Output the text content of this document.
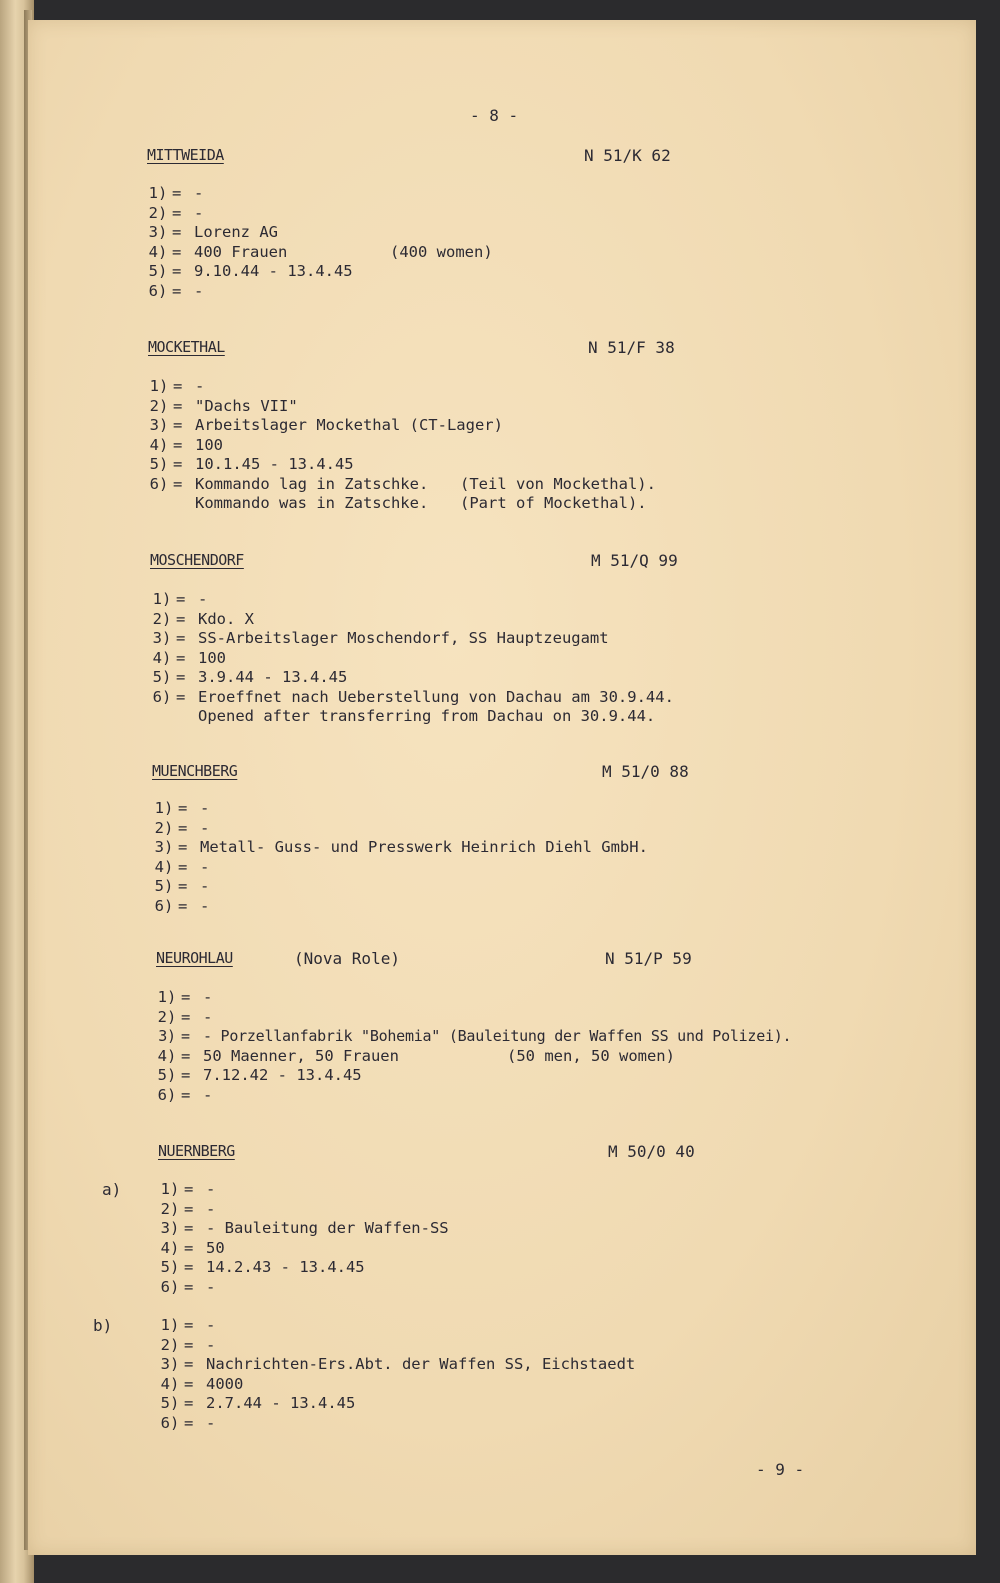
- 8 -
MITTWEIDA	N 51/K 62
1) = -
2) = -
3) = Lorenz AG
4) = 400 Frauen	(400 women)
5) = 9.10.44 - 13.4.45
6) = -
MOCKETHAL	N 51/F 38
1) = -
2) = "Dachs VII"
3) = Arbeitslager Mockethal (CT-Lager)
4) = 100
5) = 10.1.45 - 13.4.45
6) = Kommando lag in Zatschke. (Teil von Mockethal).
Kommando was in Zatschke. (Part of Mockethal).
MOSCHENDORF	M 51/Q 99
1) = -
2) = Kdo. X
3) = SS-Arbeitslager Moschendorf, SS Hauptzeugamt
4) = 100
5) = 3.9.44 - 13.4.45
6) = Eroeffnet nach Ueberstellung von Dachau am 30.9.44.
Opened after transferring from Dachau on 30.9.44.
MUENCHBERG	M 51/0 88
1) = -
2) = -
3) = Metall- Guss- und Presswerk Heinrich Diehl GmbH.
4) = -
5) = -
6) = -
NEUROHLAU	(Nova Role)	N 51/P 59
1) = -
2) = -
3) = - Porzellanfabrik "Bohemia" (Bauleitung der Waffen SS und Polizei).
4) = 50 Maenner, 50 Frauen	(50 men, 50 women)
5) = 7.12.42 - 13.4.45
6) = -
NUERNBERG	M 50/0 40
a)	1) = -
2) = -
3) = - Bauleitung der Waffen-SS
4) = 50
5) = 14.2.43 - 13.4.45
6) = -
b)	1) = -
2) = -
3) = Nachrichten-Ers.Abt. der Waffen SS, Eichstaedt
4) = 4000
5) = 2.7.44 - 13.4.45
6) = -
- 9 -
